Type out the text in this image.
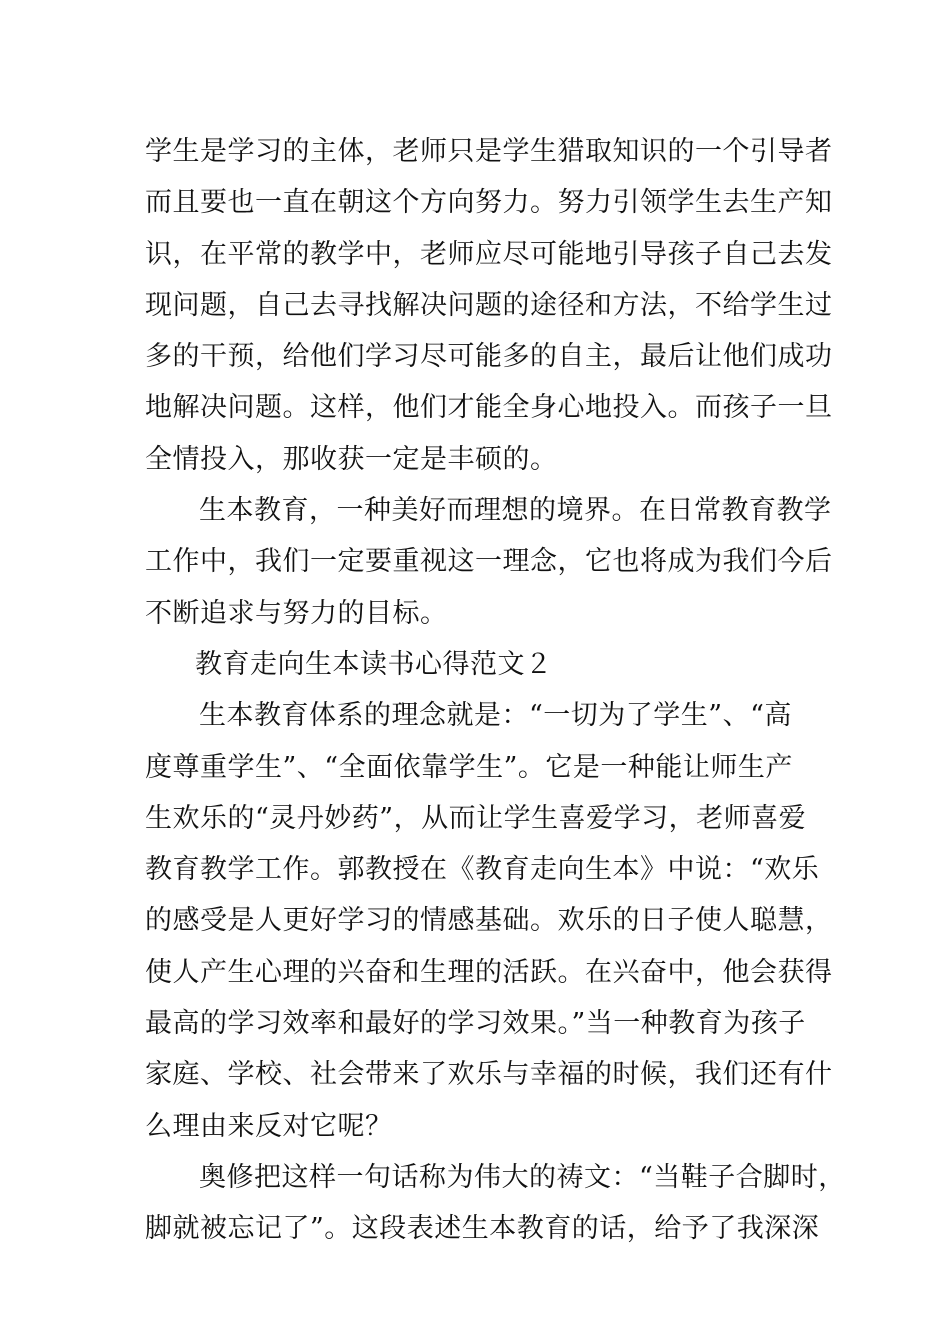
学生是学习的主体，老师只是学生猎取知识的一个引导者
而且要也一直在朝这个方向努力。努力引领学生去生产知
识，在平常的教学中，老师应尽可能地引导孩子自己去发
现问题，自己去寻找解决问题的途径和方法，不给学生过
多的干预，给他们学习尽可能多的自主，最后让他们成功
地解决问题。这样，他们才能全身心地投入。而孩子一旦
全情投入，那收获一定是丰硕的。
生本教育，一种美好而理想的境界。在日常教育教学
工作中，我们一定要重视这一理念，它也将成为我们今后
不断追求与努力的目标。
教育走向生本读书心得范文２
生本教育体系的理念就是：“一切为了学生”、“高
度尊重学生”、“全面依靠学生”。它是一种能让师生产
生欢乐的“灵丹妙药”，从而让学生喜爱学习，老师喜爱
教育教学工作。郭教授在《教育走向生本》中说：“欢乐
的感受是人更好学习的情感基础。欢乐的日子使人聪慧，
使人产生心理的兴奋和生理的活跃。在兴奋中，他会获得
最高的学习效率和最好的学习效果。”当一种教育为孩子
家庭、学校、社会带来了欢乐与幸福的时候，我们还有什
么理由来反对它呢？
奥修把这样一句话称为伟大的祷文：“当鞋子合脚时，
脚就被忘记了”。这段表述生本教育的话，给予了我深深
